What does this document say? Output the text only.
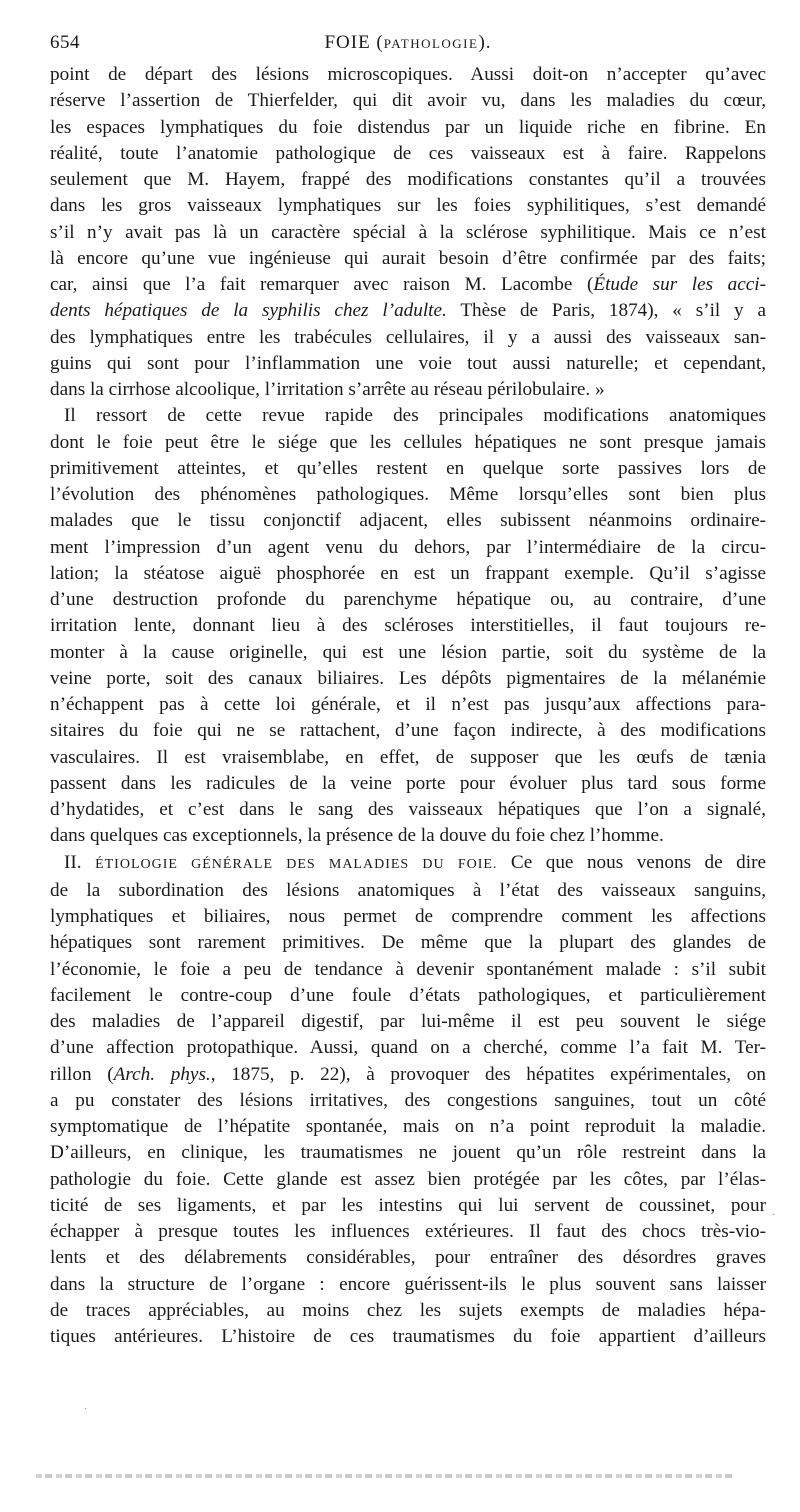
654	FOIE (PATHOLOGIE).
point de départ des lésions microscopiques. Aussi doit-on n’accepter qu’avec
réserve l’assertion de Thierfelder, qui dit avoir vu, dans les maladies du cœur,
les espaces lymphatiques du foie distendus par un liquide riche en fibrine. En
réalité, toute l’anatomie pathologique de ces vaisseaux est à faire. Rappelons
seulement que M. Hayem, frappé des modifications constantes qu’il a trouvées
dans les gros vaisseaux lymphatiques sur les foies syphilitiques, s’est demandé
s’il n’y avait pas là un caractère spécial à la sclérose syphilitique. Mais ce n’est
là encore qu’une vue ingénieuse qui aurait besoin d’être confirmée par des faits;
car, ainsi que l’a fait remarquer avec raison M. Lacombe (Étude sur les acci-
dents hépatiques de la syphilis chez l’adulte. Thèse de Paris, 1874), « s’il y a
des lymphatiques entre les trabécules cellulaires, il y a aussi des vaisseaux san-
guins qui sont pour l’inflammation une voie tout aussi naturelle; et cependant,
dans la cirrhose alcoolique, l’irritation s’arrête au réseau périlobulaire. »
Il ressort de cette revue rapide des principales modifications anatomiques
dont le foie peut être le siége que les cellules hépatiques ne sont presque jamais
primitivement atteintes, et qu’elles restent en quelque sorte passives lors de
l’évolution des phénomènes pathologiques. Même lorsqu’elles sont bien plus
malades que le tissu conjonctif adjacent, elles subissent néanmoins ordinaire-
ment l’impression d’un agent venu du dehors, par l’intermédiaire de la circu-
lation; la stéatose aiguë phosphorée en est un frappant exemple. Qu’il s’agisse
d’une destruction profonde du parenchyme hépatique ou, au contraire, d’une
irritation lente, donnant lieu à des scléroses interstitielles, il faut toujours re-
monter à la cause originelle, qui est une lésion partie, soit du système de la
veine porte, soit des canaux biliaires. Les dépôts pigmentaires de la mélanémie
n’échappent pas à cette loi générale, et il n’est pas jusqu’aux affections para-
sitaires du foie qui ne se rattachent, d’une façon indirecte, à des modifications
vasculaires. Il est vraisemblabe, en effet, de supposer que les œufs de tænia
passent dans les radicules de la veine porte pour évoluer plus tard sous forme
d’hydatides, et c’est dans le sang des vaisseaux hépatiques que l’on a signalé,
dans quelques cas exceptionnels, la présence de la douve du foie chez l’homme.
II. ÉTIOLOGIE GÉNÉRALE DES MALADIES DU FOIE. Ce que nous venons de dire
de la subordination des lésions anatomiques à l’état des vaisseaux sanguins,
lymphatiques et biliaires, nous permet de comprendre comment les affections
hépatiques sont rarement primitives. De même que la plupart des glandes de
l’économie, le foie a peu de tendance à devenir spontanément malade : s’il subit
facilement le contre-coup d’une foule d’états pathologiques, et particulièrement
des maladies de l’appareil digestif, par lui-même il est peu souvent le siége
d’une affection protopathique. Aussi, quand on a cherché, comme l’a fait M. Ter-
rillon (Arch. phys., 1875, p. 22), à provoquer des hépatites expérimentales, on
a pu constater des lésions irritatives, des congestions sanguines, tout un côté
symptomatique de l’hépatite spontanée, mais on n’a point reproduit la maladie.
D’ailleurs, en clinique, les traumatismes ne jouent qu’un rôle restreint dans la
pathologie du foie. Cette glande est assez bien protégée par les côtes, par l’élas-
ticité de ses ligaments, et par les intestins qui lui servent de coussinet, pour
échapper à presque toutes les influences extérieures. Il faut des chocs très-vio-
lents et des délabrements considérables, pour entraîner des désordres graves
dans la structure de l’organe : encore guérissent-ils le plus souvent sans laisser
de traces appréciables, au moins chez les sujets exempts de maladies hépa-
tiques antérieures. L’histoire de ces traumatismes du foie appartient d’ailleurs
·
·
